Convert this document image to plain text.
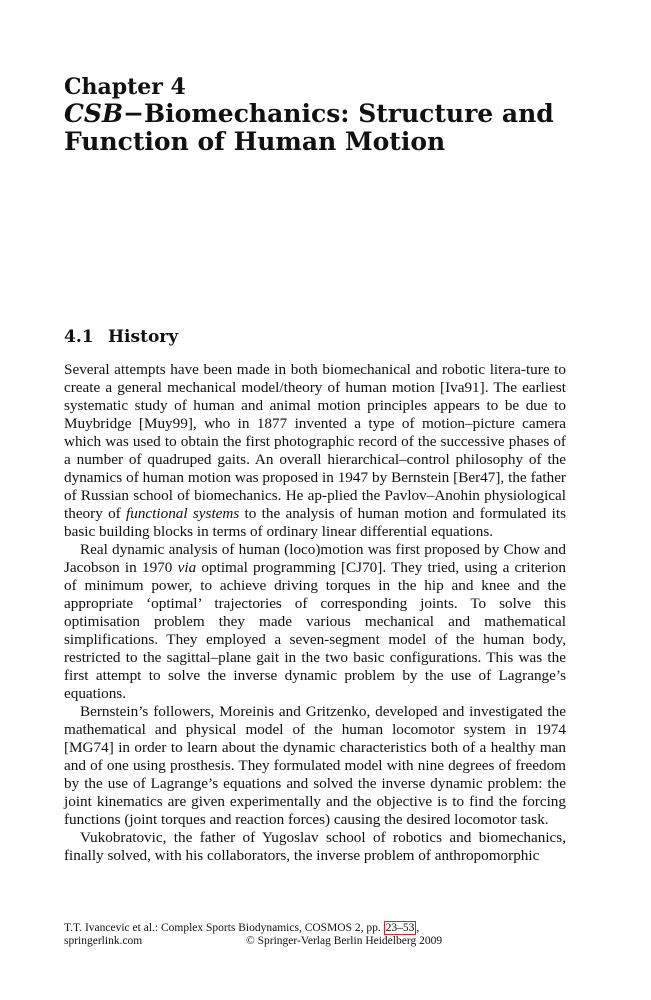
Chapter 4
CSB−Biomechanics: Structure and
Function of Human Motion
4.1 History

Several attempts have been made in both biomechanical and robotic litera-ture to create a general mechanical model/theory of human motion [Iva91]. The earliest systematic study of human and animal motion principles appears to be due to Muybridge [Muy99], who in 1877 invented a type of motion–picture camera which was used to obtain the first photographic record of the successive phases of a number of quadruped gaits. An overall hierarchical–control philosophy of the dynamics of human motion was proposed in 1947 by Bernstein [Ber47], the father of Russian school of biomechanics. He ap-plied the Pavlov–Anohin physiological theory of functional systems to the analysis of human motion and formulated its basic building blocks in terms of ordinary linear differential equations.

Real dynamic analysis of human (loco)motion was first proposed by Chow and Jacobson in 1970 via optimal programming [CJ70]. They tried, using a criterion of minimum power, to achieve driving torques in the hip and knee and the appropriate ‘optimal’ trajectories of corresponding joints. To solve this optimisation problem they made various mechanical and mathematical simplifications. They employed a seven-segment model of the human body, restricted to the sagittal–plane gait in the two basic configurations. This was the first attempt to solve the inverse dynamic problem by the use of Lagrange’s equations.

Bernstein’s followers, Moreinis and Gritzenko, developed and investigated the mathematical and physical model of the human locomotor system in 1974 [MG74] in order to learn about the dynamic characteristics both of a healthy man and of one using prosthesis. They formulated model with nine degrees of freedom by the use of Lagrange’s equations and solved the inverse dynamic problem: the joint kinematics are given experimentally and the objective is to find the forcing functions (joint torques and reaction forces) causing the desired locomotor task.

Vukobratovic, the father of Yugoslav school of robotics and biomechanics, finally solved, with his collaborators, the inverse problem of anthropomorphic

T.T. Ivancevic et al.: Complex Sports Biodynamics, COSMOS 2, pp. 23–53 ,
springerlink.com	© Springer-Verlag Berlin Heidelberg 2009
